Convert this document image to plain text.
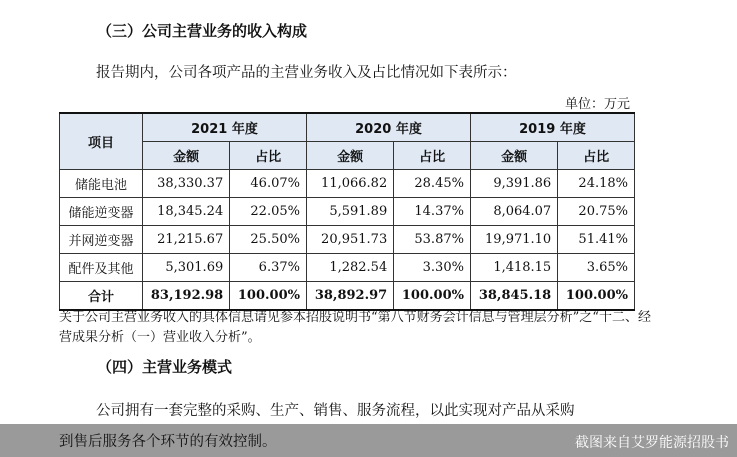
（三）公司主营业务的收入构成
报告期内，公司各项产品的主营业务收入及占比情况如下表所示：
单位：万元
项目	2021 年度		2020 年度		2019 年度	
	金额	占比	金额	占比	金额	占比
储能电池	38,330.37	46.07%	11,066.82	28.45%	9,391.86	24.18%
储能逆变器	18,345.24	22.05%	5,591.89	14.37%	8,064.07	20.75%
并网逆变器	21,215.67	25.50%	20,951.73	53.87%	19,971.10	51.41%
配件及其他	5,301.69	6.37%	1,282.54	3.30%	1,418.15	3.65%
合计	83,192.98	100.00%	38,892.97	100.00%	38,845.18	100.00%
关于公司主营业务收入的具体信息请见参本招股说明书“第八节财务会计信息与管理层分析”之“十二、经营成果分析（一）营业收入分析”。
（四）主营业务模式
公司拥有一套完整的采购、生产、销售、服务流程，以此实现对产品从采购
到售后服务各个环节的有效控制。	截图来自艾罗能源招股书
